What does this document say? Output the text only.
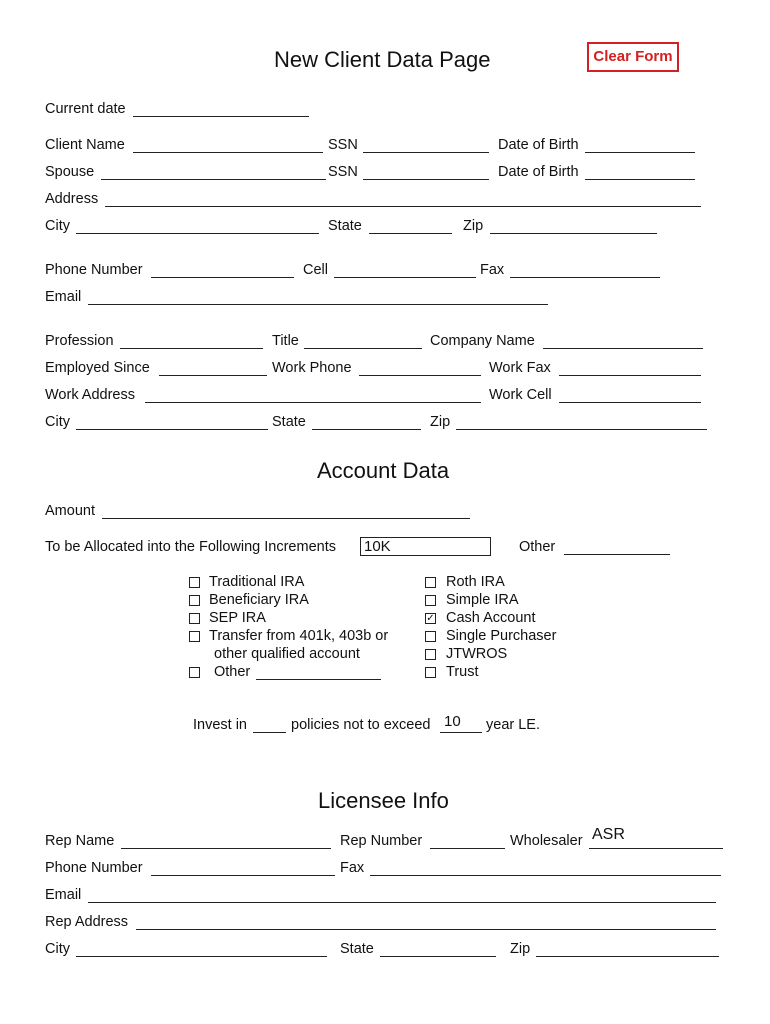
New Client Data Page	Clear Form
Current date
Client Name	SSN	Date of Birth
Spouse	SSN	Date of Birth
Address
City	State	Zip
Phone Number	Cell	Fax
Email
Profession	Title	Company Name
Employed Since	Work Phone	Work Fax
Work Address	Work Cell
City	State	Zip
Account Data
Amount
To be Allocated into the Following Increments 10K	Other
Traditional IRA
Beneficiary IRA
SEP IRA
Transfer from 401k, 403b or
other qualified account
Other
Roth IRA
Simple IRA
✓ Cash Account
Single Purchaser
JTWROS
Trust
Invest in	policies not to exceed 10 year LE.
Licensee Info
Rep Name	Rep Number	Wholesaler ASR
Phone Number	Fax
Email
Rep Address
City	State	Zip
